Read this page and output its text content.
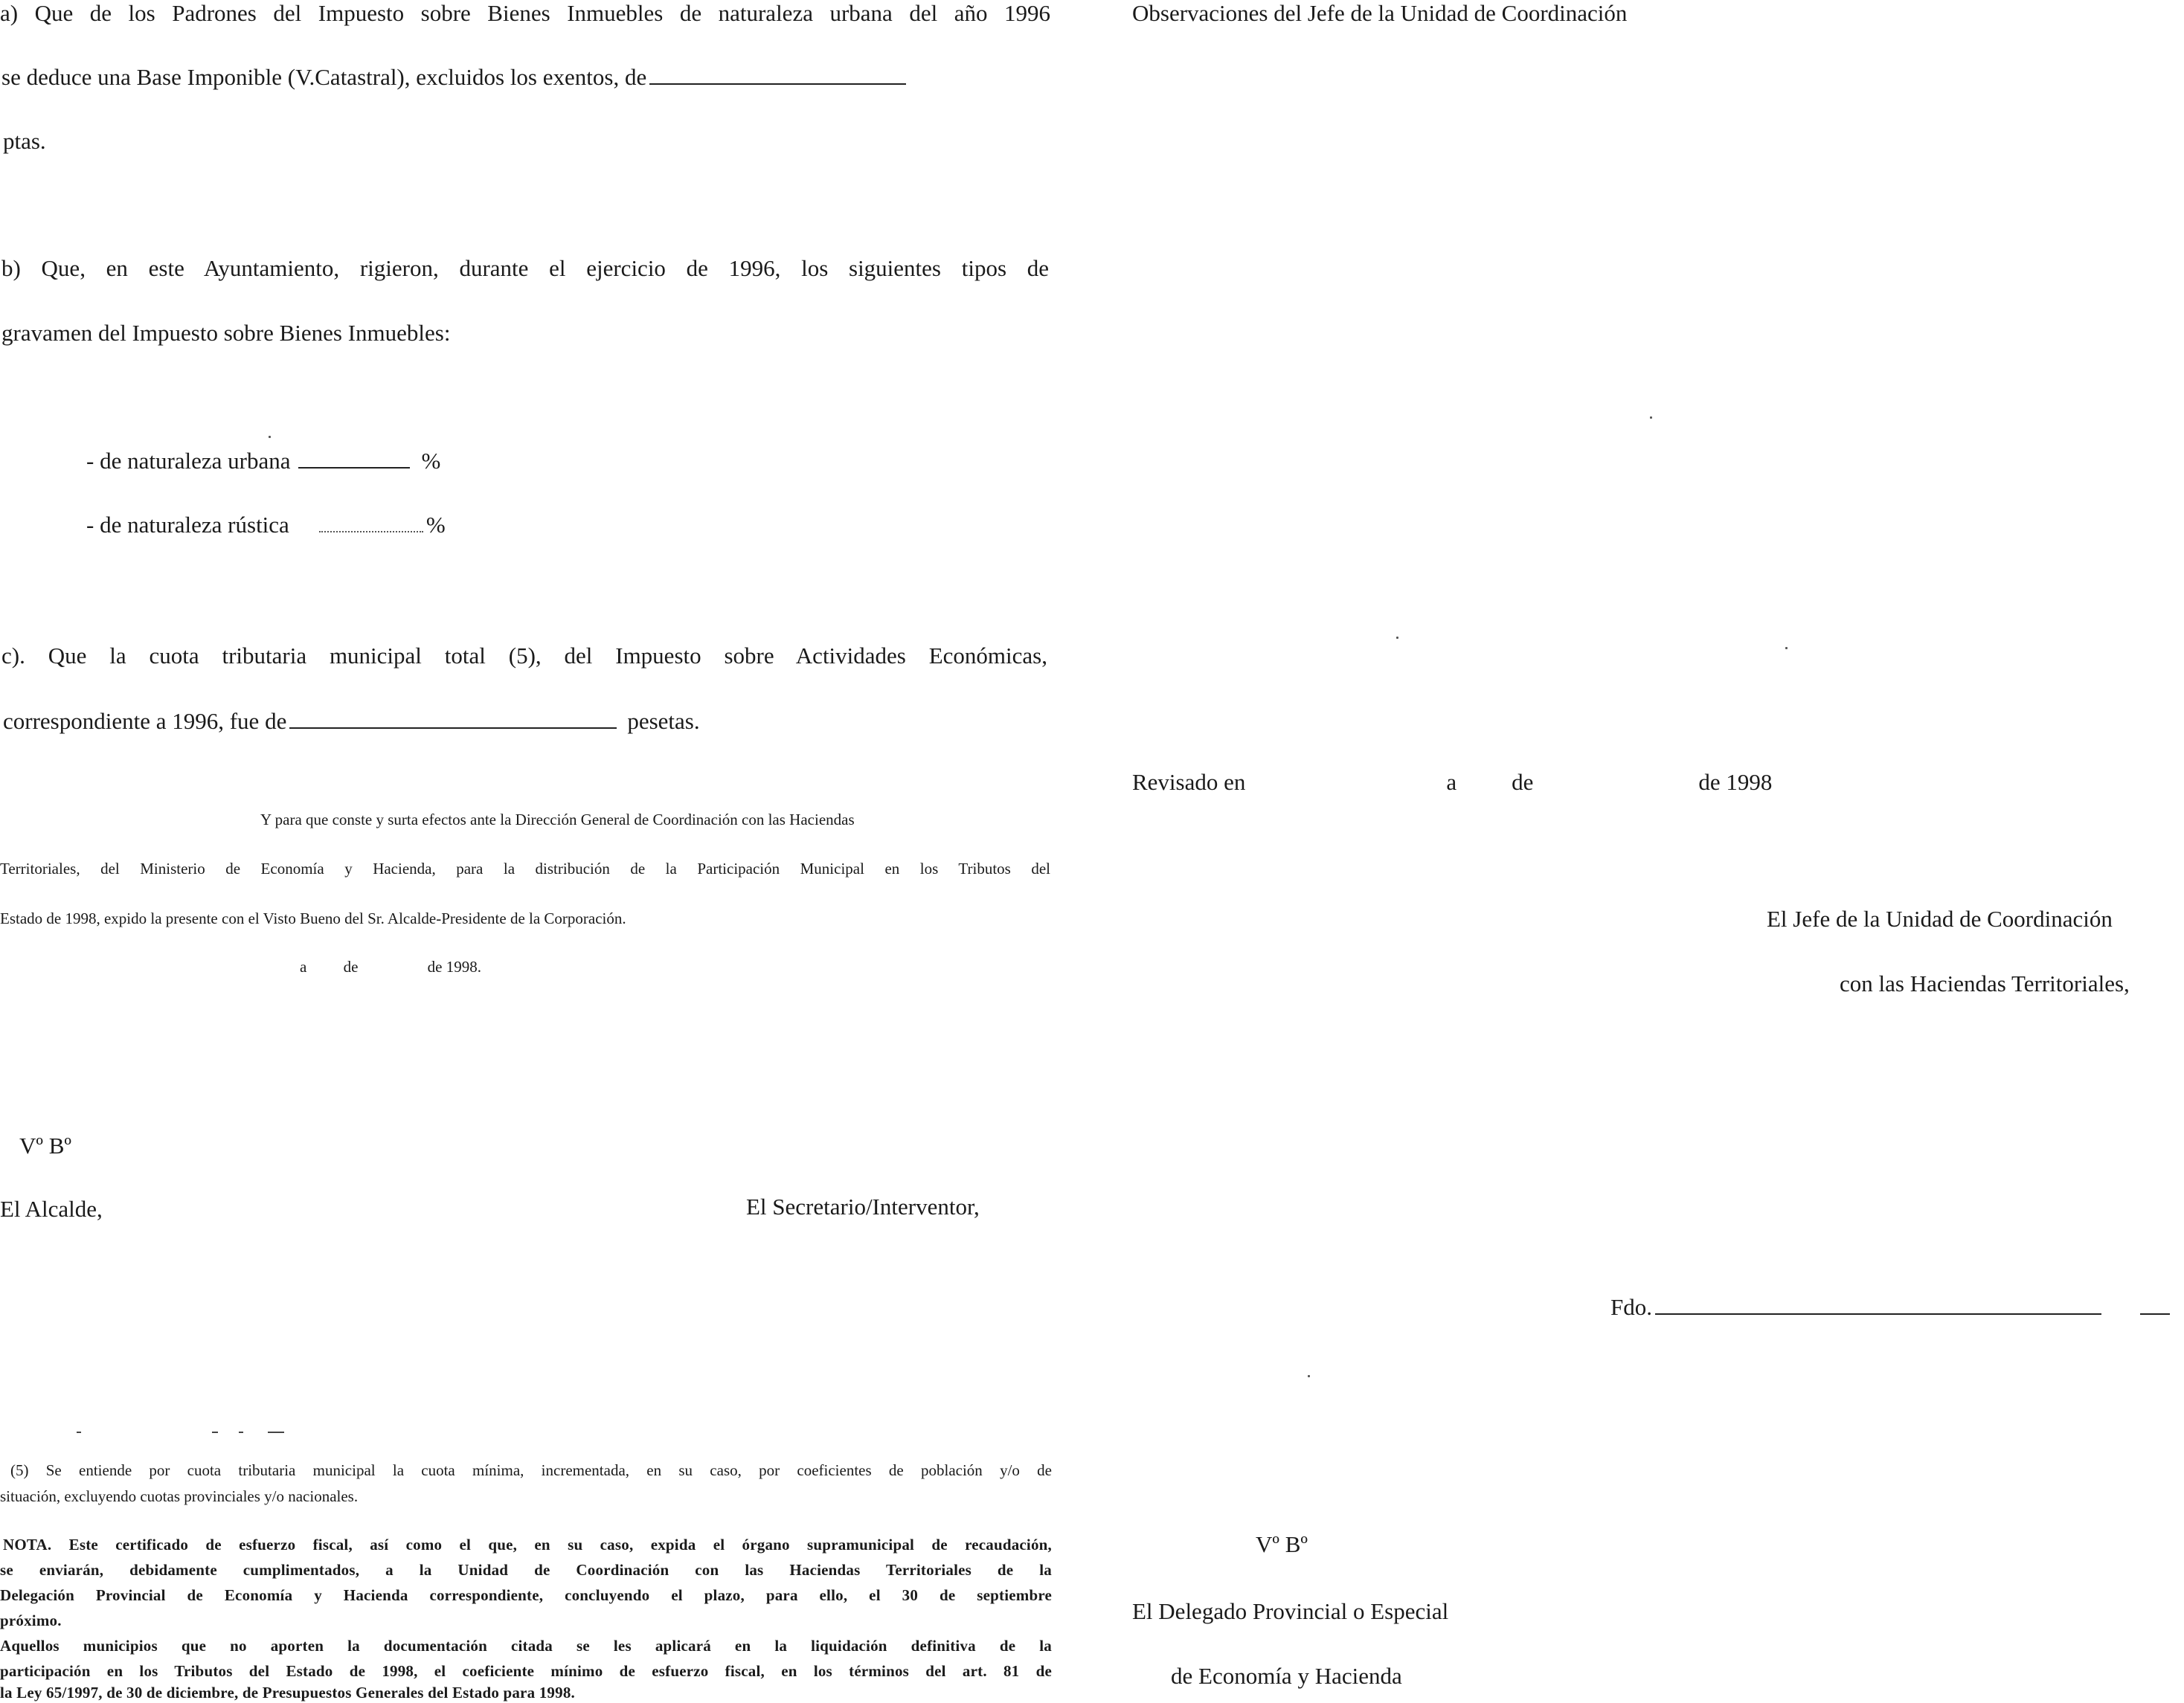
a) Que de los Padrones del Impuesto sobre Bienes Inmuebles de naturaleza urbana del año 1996
se deduce una Base Imponible (V.Catastral), excluidos los exentos, de
ptas.
b) Que, en este Ayuntamiento, rigieron, durante el ejercicio de 1996, los siguientes tipos de
gravamen del Impuesto sobre Bienes Inmuebles:
- de naturaleza urbana	%
- de naturaleza rústica	%
c). Que la cuota tributaria municipal total (5), del Impuesto sobre Actividades Económicas,
correspondiente a 1996, fue de	pesetas.
Y para que conste y surta efectos ante la Dirección General de Coordinación con las Haciendas
Territoriales, del Ministerio de Economía y Hacienda, para la distribución de la Participación Municipal en los Tributos del
Estado de 1998, expido la presente con el Visto Bueno del Sr. Alcalde-Presidente de la Corporación.
a de	de 1998.
Vº Bº
El Alcalde,	El Secretario/Interventor,
(5) Se entiende por cuota tributaria municipal la cuota mínima, incrementada, en su caso, por coeficientes de población y/o de
situación, excluyendo cuotas provinciales y/o nacionales.
NOTA. Este certificado de esfuerzo fiscal, así como el que, en su caso, expida el órgano supramunicipal de recaudación,
se enviarán, debidamente cumplimentados, a la Unidad de Coordinación con las Haciendas Territoriales de la
Delegación Provincial de Economía y Hacienda correspondiente, concluyendo el plazo, para ello, el 30 de septiembre
próximo.
Aquellos municipios que no aporten la documentación citada se les aplicará en la liquidación definitiva de la
participación en los Tributos del Estado de 1998, el coeficiente mínimo de esfuerzo fiscal, en los términos del art. 81 de
la Ley 65/1997, de 30 de diciembre, de Presupuestos Generales del Estado para 1998.
Observaciones del Jefe de la Unidad de Coordinación
Revisado en	a de	de 1998
El Jefe de la Unidad de Coordinación
con las Haciendas Territoriales,
Fdo.
Vº Bº
El Delegado Provincial o Especial
de Economía y Hacienda
